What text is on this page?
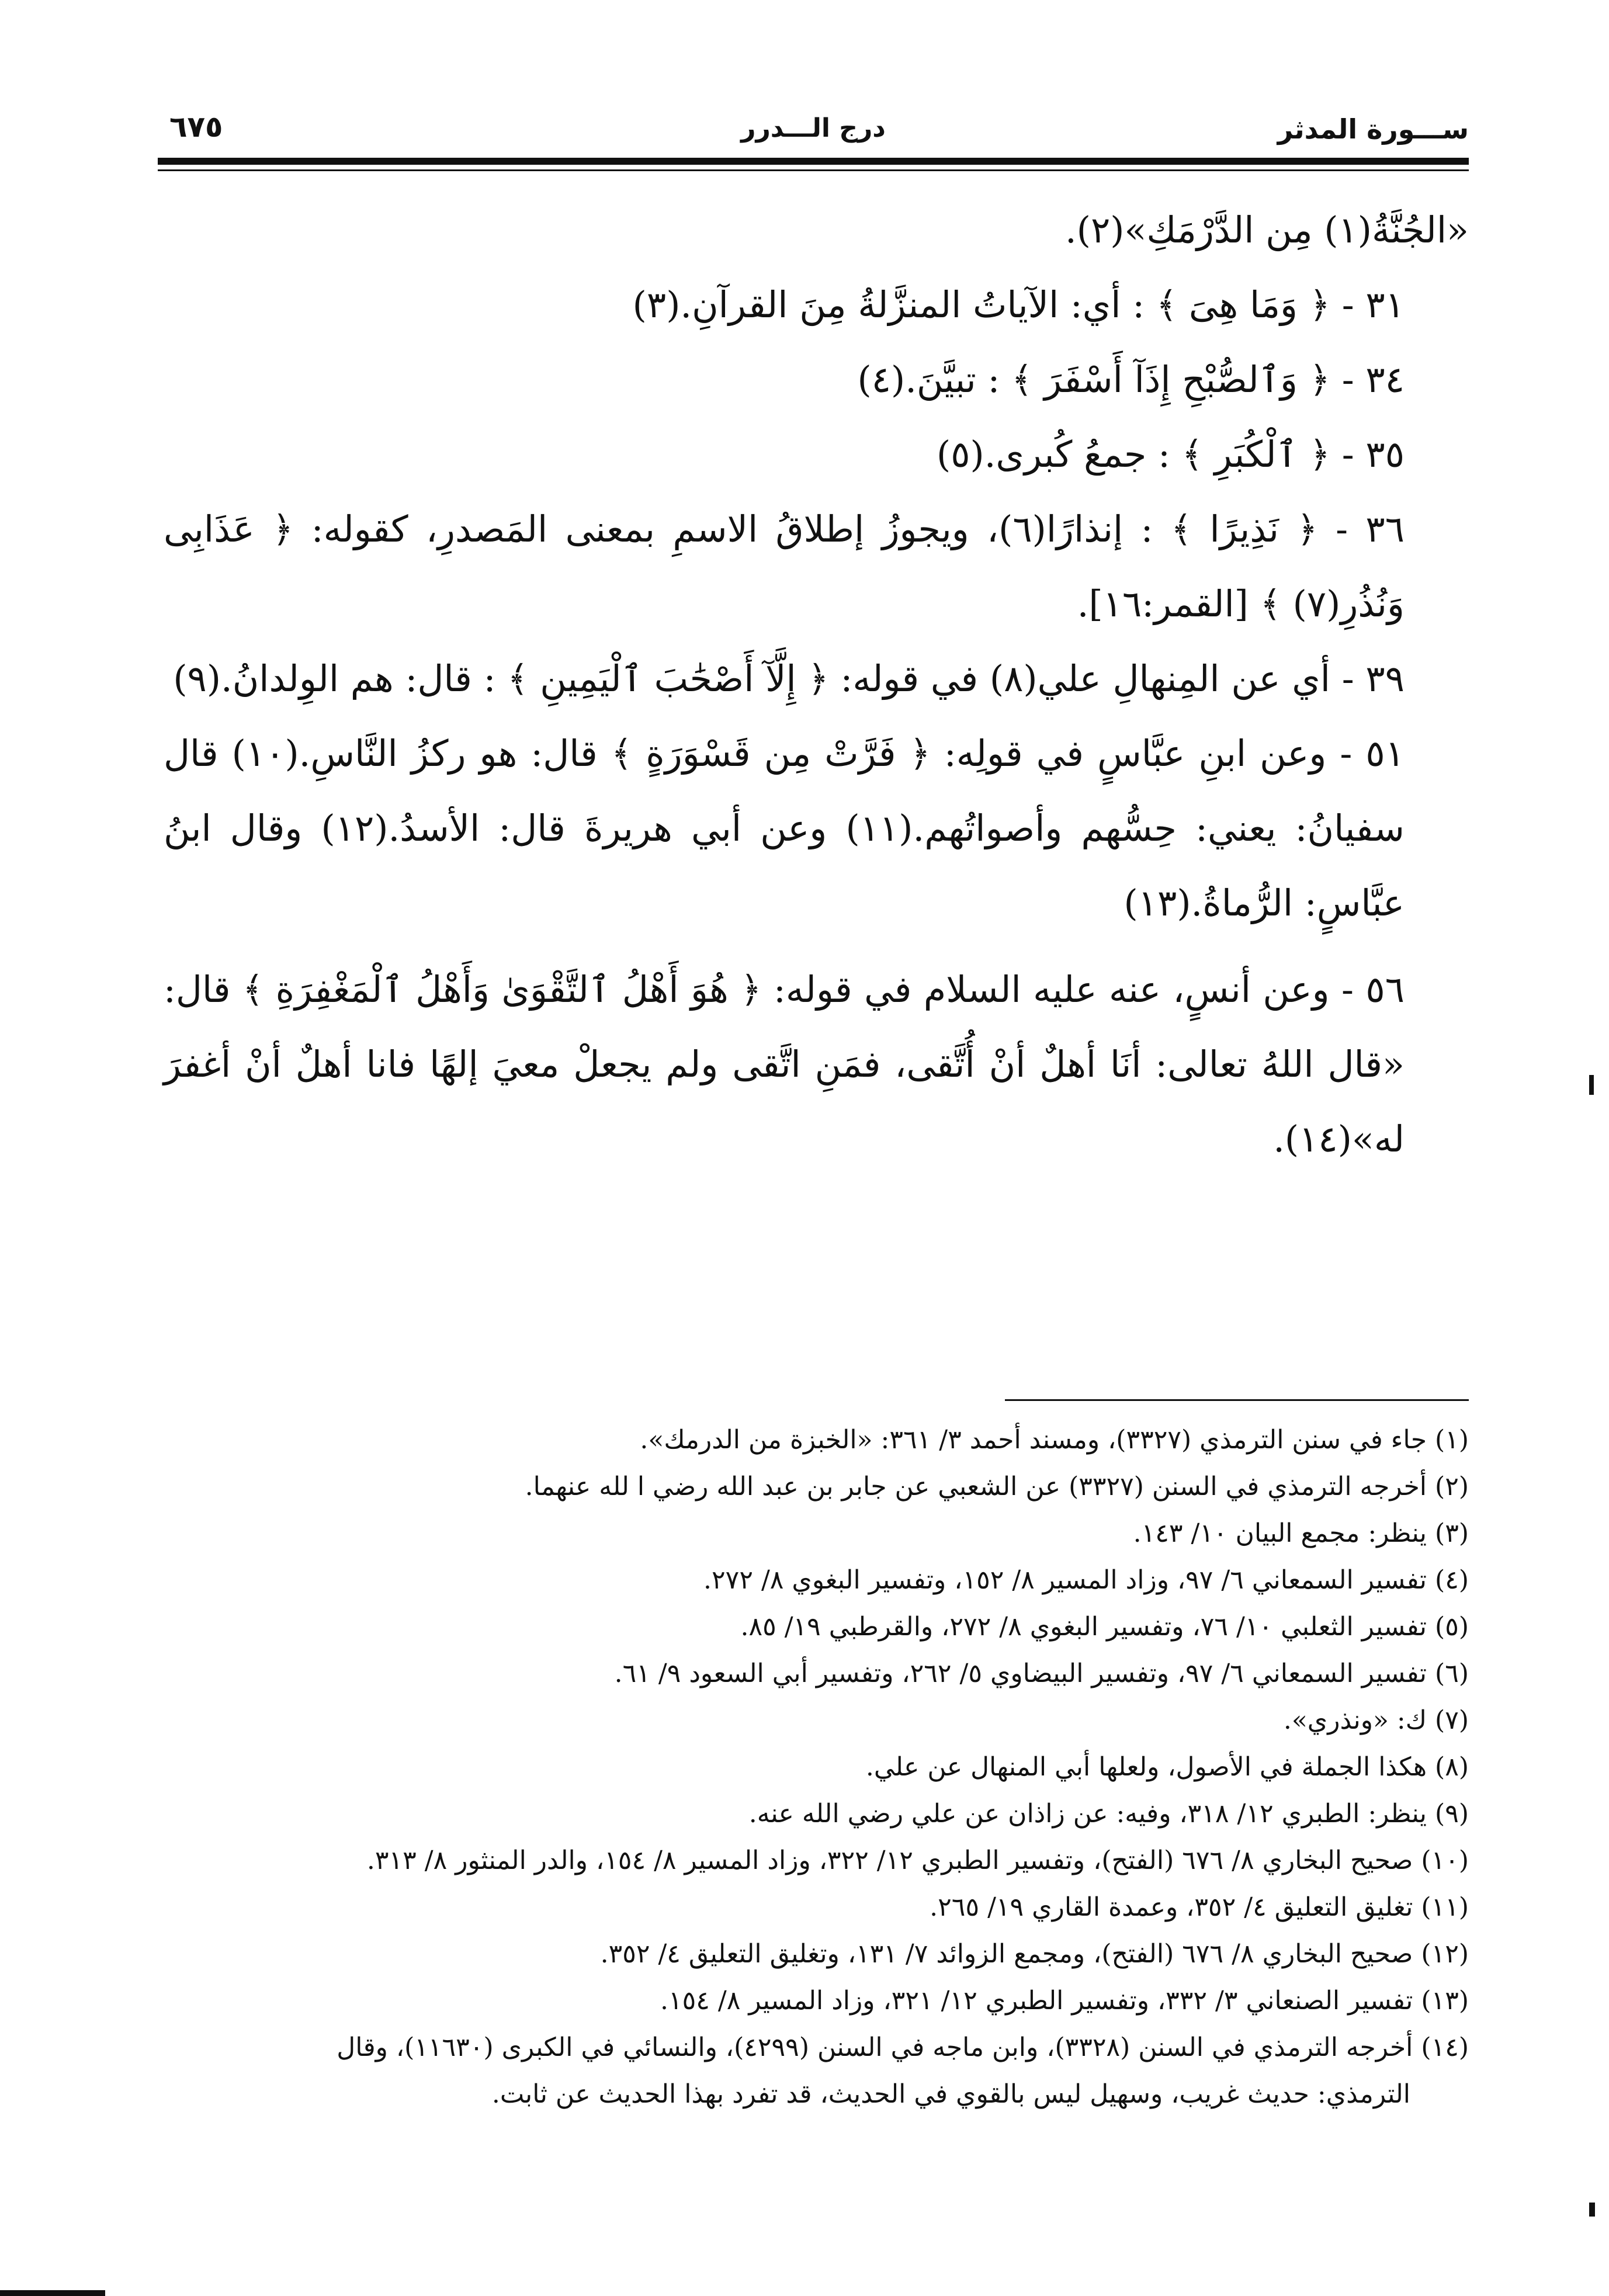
٦٧٥	درج الـــدرر	ســـورة المدثر

«الجُنَّةُ(١) مِن الدَّرْمَكِ»(٢).

٣١ - ﴿ وَمَا هِىَ ﴾ : أي: الآياتُ المنزَّلةُ مِنَ القرآنِ.(٣)

٣٤ - ﴿ وَٱلصُّبْحِ إِذَآ أَسْفَرَ ﴾ : تبيَّنَ.(٤)

٣٥ - ﴿ ٱلْكُبَرِ ﴾ : جمعُ كُبرى.(٥)

٣٦ - ﴿ نَذِيرًا ﴾ : إنذارًا(٦)، ويجوزُ إطلاقُ الاسمِ بمعنى المَصدرِ، كقوله: ﴿ عَذَابِى وَنُذُرِ(٧) ﴾ [القمر:١٦].

٣٩ - أي عن المِنهالِ علي(٨) في قوله: ﴿ إِلَّآ أَصْحَٰبَ ٱلْيَمِينِ ﴾ : قال: هم الوِلدانُ.(٩)

٥١ - وعن ابنِ عبَّاسٍ في قولِه: ﴿ فَرَّتْ مِن قَسْوَرَةٍ ﴾ قال: هو ركزُ النَّاسِ.(١٠) قال سفيانُ: يعني: حِسُّهم وأصواتُهم.(١١) وعن أبي هريرةَ قال: الأسدُ.(١٢) وقال ابنُ عبَّاسٍ: الرُّماةُ.(١٣)

٥٦ - وعن أنسٍ، عنه عليه السلام في قوله: ﴿ هُوَ أَهْلُ ٱلتَّقْوَىٰ وَأَهْلُ ٱلْمَغْفِرَةِ ﴾ قال: «قال اللهُ تعالى: أنَا أهلٌ أنْ أُتَّقى، فمَنِ اتَّقى ولم يجعلْ معيَ إلهًا فانا أهلٌ أنْ أغفرَ له»(١٤).

(١) جاء في سنن الترمذي (٣٣٢٧)، ومسند أحمد ٣/ ٣٦١: «الخبزة من الدرمك».

(٢) أخرجه الترمذي في السنن (٣٣٢٧) عن الشعبي عن جابر بن عبد الله رضي ا لله عنهما.

(٣) ينظر: مجمع البيان ١٠/ ١٤٣.

(٤) تفسير السمعاني ٦/ ٩٧، وزاد المسير ٨/ ١٥٢، وتفسير البغوي ٨/ ٢٧٢.

(٥) تفسير الثعلبي ١٠/ ٧٦، وتفسير البغوي ٨/ ٢٧٢، والقرطبي ١٩/ ٨٥.

(٦) تفسير السمعاني ٦/ ٩٧، وتفسير البيضاوي ٥/ ٢٦٢، وتفسير أبي السعود ٩/ ٦١.

(٧) ك: «ونذري».

(٨) هكذا الجملة في الأصول، ولعلها أبي المنهال عن علي.

(٩) ينظر: الطبري ١٢/ ٣١٨، وفيه: عن زاذان عن علي رضي الله عنه.

(١٠) صحيح البخاري ٨/ ٦٧٦ (الفتح)، وتفسير الطبري ١٢/ ٣٢٢، وزاد المسير ٨/ ١٥٤، والدر المنثور ٨/ ٣١٣.

(١١) تغليق التعليق ٤/ ٣٥٢، وعمدة القاري ١٩/ ٢٦٥.

(١٢) صحيح البخاري ٨/ ٦٧٦ (الفتح)، ومجمع الزوائد ٧/ ١٣١، وتغليق التعليق ٤/ ٣٥٢.

(١٣) تفسير الصنعاني ٣/ ٣٣٢، وتفسير الطبري ١٢/ ٣٢١، وزاد المسير ٨/ ١٥٤.

(١٤) أخرجه الترمذي في السنن (٣٣٢٨)، وابن ماجه في السنن (٤٢٩٩)، والنسائي في الكبرى (١١٦٣٠)، وقال

الترمذي: حديث غريب، وسهيل ليس بالقوي في الحديث، قد تفرد بهذا الحديث عن ثابت.
